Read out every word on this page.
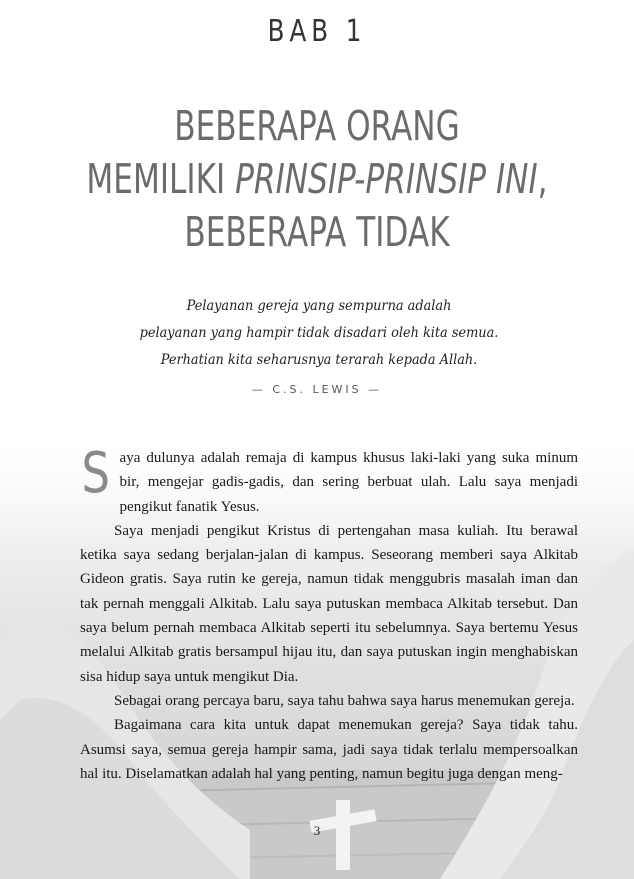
BAB 1
BEBERAPA ORANG
MEMILIKI PRINSIP-PRINSIP INI,
BEBERAPA TIDAK
Pelayanan gereja yang sempurna adalah
pelayanan yang hampir tidak disadari oleh kita semua.
Perhatian kita seharusnya terarah kepada Allah.
— C.S. LEWIS —

Saya dulunya adalah remaja di kampus khusus laki-laki yang suka minum bir, mengejar gadis-gadis, dan sering berbuat ulah. Lalu saya menjadi pengikut fanatik Yesus.

Saya menjadi pengikut Kristus di pertengahan masa kuliah. Itu berawal ketika saya sedang berjalan-jalan di kampus. Seseorang memberi saya Alkitab Gideon gratis. Saya rutin ke gereja, namun tidak menggubris masalah iman dan tak pernah menggali Alkitab. Lalu saya putuskan membaca Alkitab tersebut. Dan saya belum pernah membaca Alkitab seperti itu sebelumnya. Saya bertemu Yesus melalui Alkitab gratis bersampul hijau itu, dan saya putuskan ingin menghabiskan sisa hidup saya untuk mengikut Dia.

Sebagai orang percaya baru, saya tahu bahwa saya harus menemukan gereja.

Bagaimana cara kita untuk dapat menemukan gereja? Saya tidak tahu. Asumsi saya, semua gereja hampir sama, jadi saya tidak terlalu mempersoalkan hal itu. Diselamatkan adalah hal yang penting, namun begitu juga dengan meng-

3
